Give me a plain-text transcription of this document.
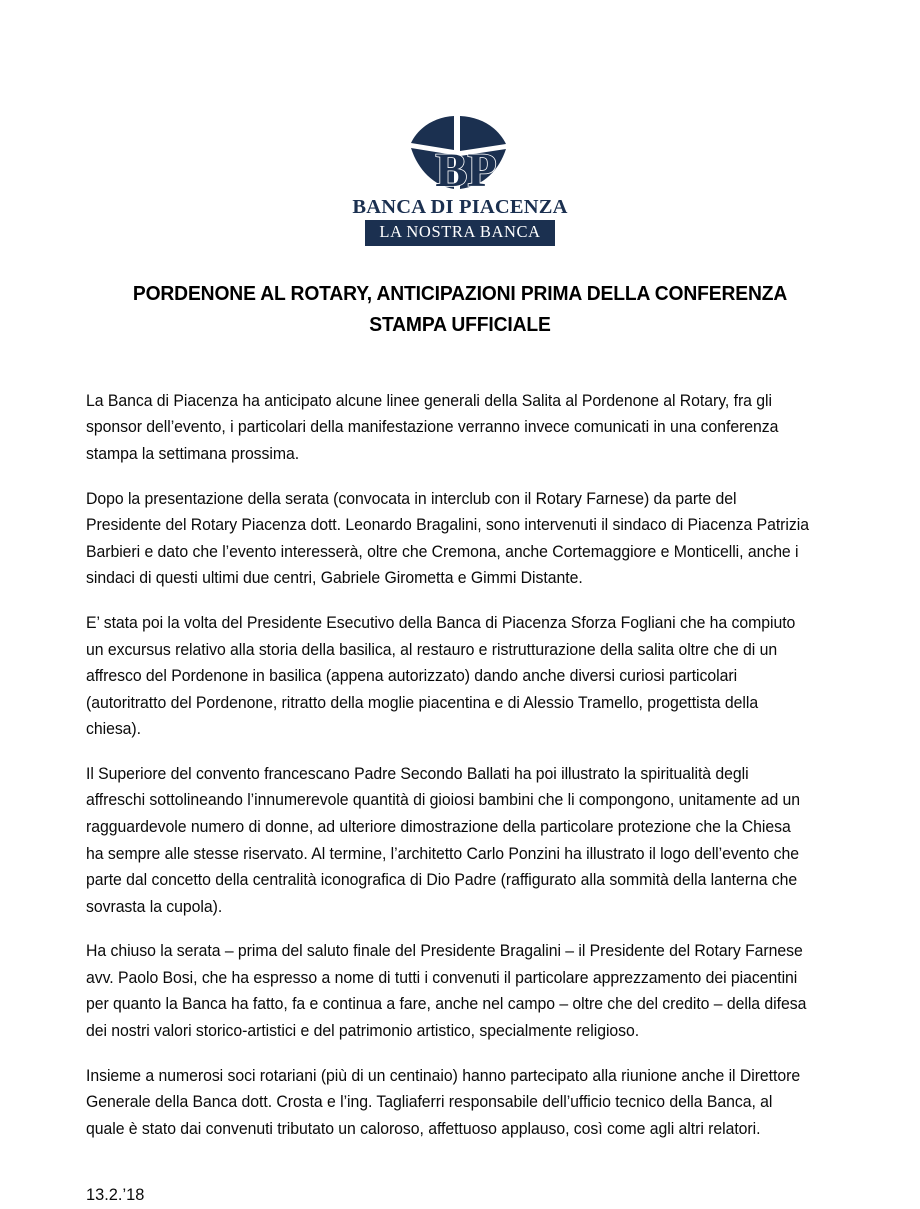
BP
BANCA DI PIACENZA
LA NOSTRA BANCA
PORDENONE AL ROTARY, ANTICIPAZIONI PRIMA DELLA CONFERENZA STAMPA UFFICIALE

La Banca di Piacenza ha anticipato alcune linee generali della Salita al Pordenone al Rotary, fra gli sponsor dell’evento, i particolari della manifestazione verranno invece comunicati in una conferenza stampa la settimana prossima.

Dopo la presentazione della serata (convocata in interclub con il Rotary Farnese) da parte del Presidente del Rotary Piacenza dott. Leonardo Bragalini, sono intervenuti il sindaco di Piacenza Patrizia Barbieri e dato che l’evento interesserà, oltre che Cremona, anche Cortemaggiore e Monticelli, anche i sindaci di questi ultimi due centri, Gabriele Girometta e Gimmi Distante.

E’ stata poi la volta del Presidente Esecutivo della Banca di Piacenza Sforza Fogliani che ha compiuto un excursus relativo alla storia della basilica, al restauro e ristrutturazione della salita oltre che di un affresco del Pordenone in basilica (appena autorizzato) dando anche diversi curiosi particolari (autoritratto del Pordenone, ritratto della moglie piacentina e di Alessio Tramello, progettista della chiesa).

Il Superiore del convento francescano Padre Secondo Ballati ha poi illustrato la spiritualità degli affreschi sottolineando l’innumerevole quantità di gioiosi bambini che li compongono, unitamente ad un ragguardevole numero di donne, ad ulteriore dimostrazione della particolare protezione che la Chiesa ha sempre alle stesse riservato. Al termine, l’architetto Carlo Ponzini ha illustrato il logo dell’evento che parte dal concetto della centralità iconografica di Dio Padre (raffigurato alla sommità della lanterna che sovrasta la cupola).

Ha chiuso la serata – prima del saluto finale del Presidente Bragalini – il Presidente del Rotary Farnese avv. Paolo Bosi, che ha espresso a nome di tutti i convenuti il particolare apprezzamento dei piacentini per quanto la Banca ha fatto, fa e continua a fare, anche nel campo – oltre che del credito – della difesa dei nostri valori storico-artistici e del patrimonio artistico, specialmente religioso.

Insieme a numerosi soci rotariani (più di un centinaio) hanno partecipato alla riunione anche il Direttore Generale della Banca dott. Crosta e l’ing. Tagliaferri responsabile dell’ufficio tecnico della Banca, al quale è stato dai convenuti tributato un caloroso, affettuoso applauso, così come agli altri relatori.

13.2.’18
